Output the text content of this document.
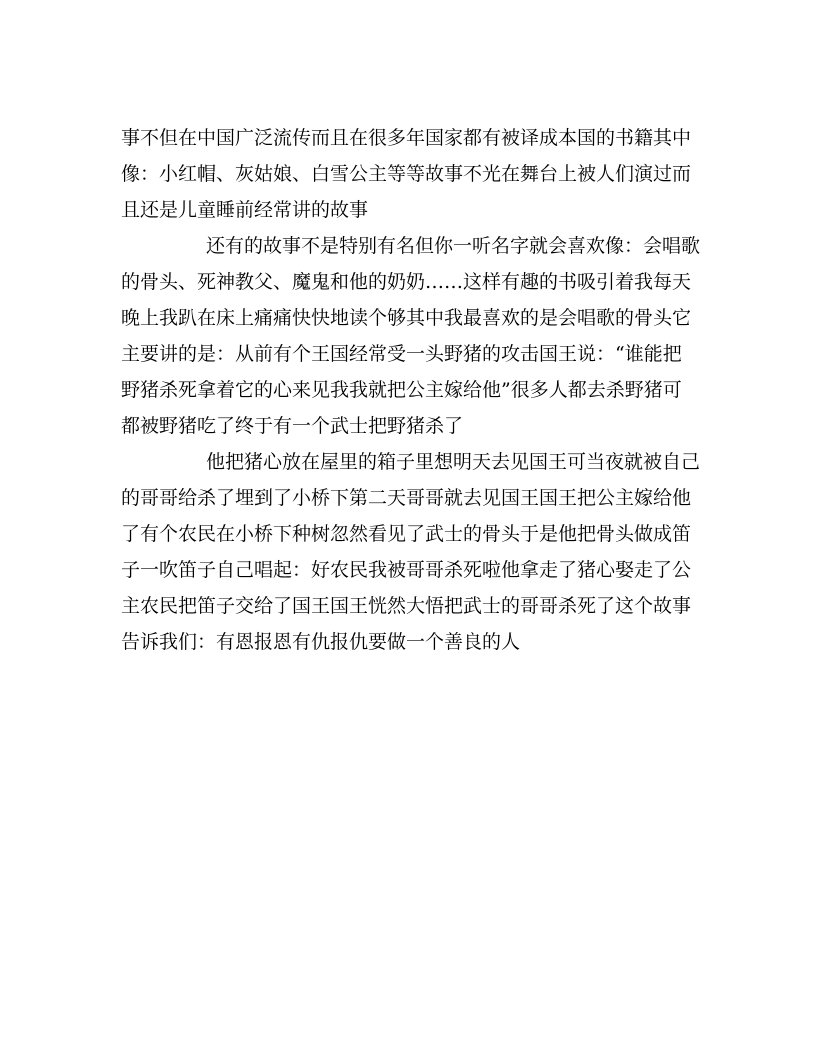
事不但在中国广泛流传而且在很多年国家都有被译成本国的书籍其中

像：小红帽、灰姑娘、白雪公主等等故事不光在舞台上被人们演过而

且还是儿童睡前经常讲的故事

还有的故事不是特别有名但你一听名字就会喜欢像：会唱歌

的骨头、死神教父、魔鬼和他的奶奶……这样有趣的书吸引着我每天

晚上我趴在床上痛痛快快地读个够其中我最喜欢的是会唱歌的骨头它

主要讲的是：从前有个王国经常受一头野猪的攻击国王说：“谁能把

野猪杀死拿着它的心来见我我就把公主嫁给他”很多人都去杀野猪可

都被野猪吃了终于有一个武士把野猪杀了

他把猪心放在屋里的箱子里想明天去见国王可当夜就被自己

的哥哥给杀了埋到了小桥下第二天哥哥就去见国王国王把公主嫁给他

了有个农民在小桥下种树忽然看见了武士的骨头于是他把骨头做成笛

子一吹笛子自己唱起：好农民我被哥哥杀死啦他拿走了猪心娶走了公

主农民把笛子交给了国王国王恍然大悟把武士的哥哥杀死了这个故事

告诉我们：有恩报恩有仇报仇要做一个善良的人
